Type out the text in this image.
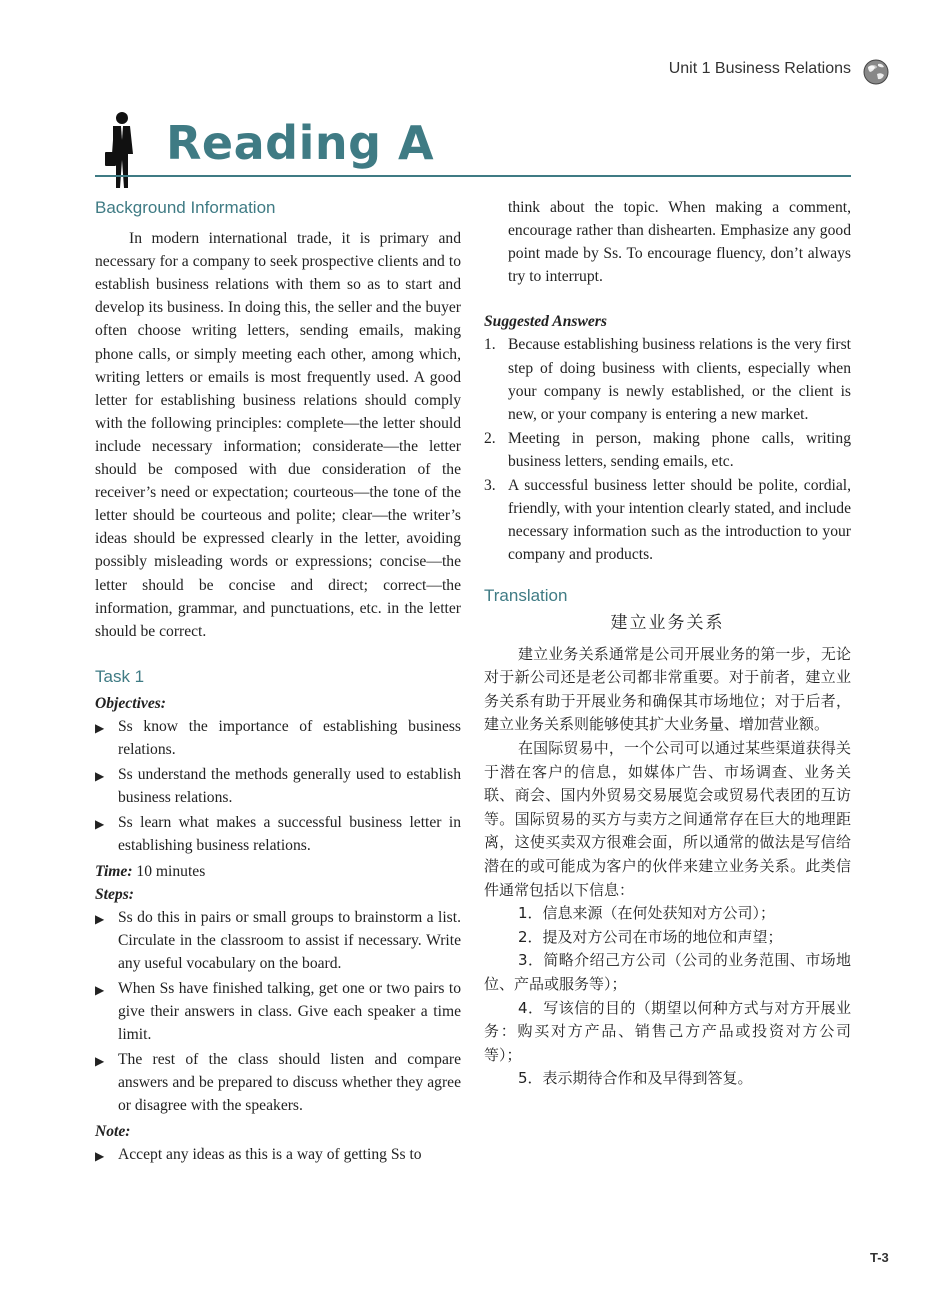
Unit 1 Business Relations
Reading A
Background Information

In modern international trade, it is primary and necessary for a company to seek prospective clients and to establish business relations with them so as to start and develop its business. In doing this, the seller and the buyer often choose writing letters, sending emails, making phone calls, or simply meeting each other, among which, writing letters or emails is most frequently used. A good letter for establishing business relations should comply with the following principles: complete—the letter should include necessary information; considerate—the letter should be composed with due consideration of the receiver’s need or expectation; courteous—the tone of the letter should be courteous and polite; clear—the writer’s ideas should be expressed clearly in the letter, avoiding possibly misleading words or expressions; concise—the letter should be concise and direct; correct—the information, grammar, and punctuations, etc. in the letter should be correct.

Task 1

Objectives:

▶ Ss know the importance of establishing business relations.
▶ Ss understand the methods generally used to establish business relations.
▶ Ss learn what makes a successful business letter in establishing business relations.

Time: 10 minutes

Steps:

▶ Ss do this in pairs or small groups to brainstorm a list. Circulate in the classroom to assist if necessary. Write any useful vocabulary on the board.
▶ When Ss have finished talking, get one or two pairs to give their answers in class. Give each speaker a time limit.
▶ The rest of the class should listen and compare answers and be prepared to discuss whether they agree or disagree with the speakers.

Note:

▶ Accept any ideas as this is a way of getting Ss to

think about the topic. When making a comment, encourage rather than dishearten. Emphasize any good point made by Ss. To encourage fluency, don’t always try to interrupt.

Suggested Answers

1. Because establishing business relations is the very first step of doing business with clients, especially when your company is newly established, or the client is new, or your company is entering a new market.
2. Meeting in person, making phone calls, writing business letters, sending emails, etc.
3. A successful business letter should be polite, cordial, friendly, with your intention clearly stated, and include necessary information such as the introduction to your company and products.
Translation
建立业务关系

建立业务关系通常是公司开展业务的第一步，无论对于新公司还是老公司都非常重要。对于前者，建立业务关系有助于开展业务和确保其市场地位；对于后者，建立业务关系则能够使其扩大业务量、增加营业额。

在国际贸易中，一个公司可以通过某些渠道获得关于潜在客户的信息，如媒体广告、市场调查、业务关联、商会、国内外贸易交易展览会或贸易代表团的互访等。国际贸易的买方与卖方之间通常存在巨大的地理距离，这使买卖双方很难会面，所以通常的做法是写信给潜在的或可能成为客户的伙伴来建立业务关系。此类信件通常包括以下信息：

1．信息来源（在何处获知对方公司）；

2．提及对方公司在市场的地位和声望；

3．简略介绍己方公司（公司的业务范围、市场地位、产品或服务等）；

4．写该信的目的（期望以何种方式与对方开展业务：购买对方产品、销售己方产品或投资对方公司等）；

5．表示期待合作和及早得到答复。

T-3
